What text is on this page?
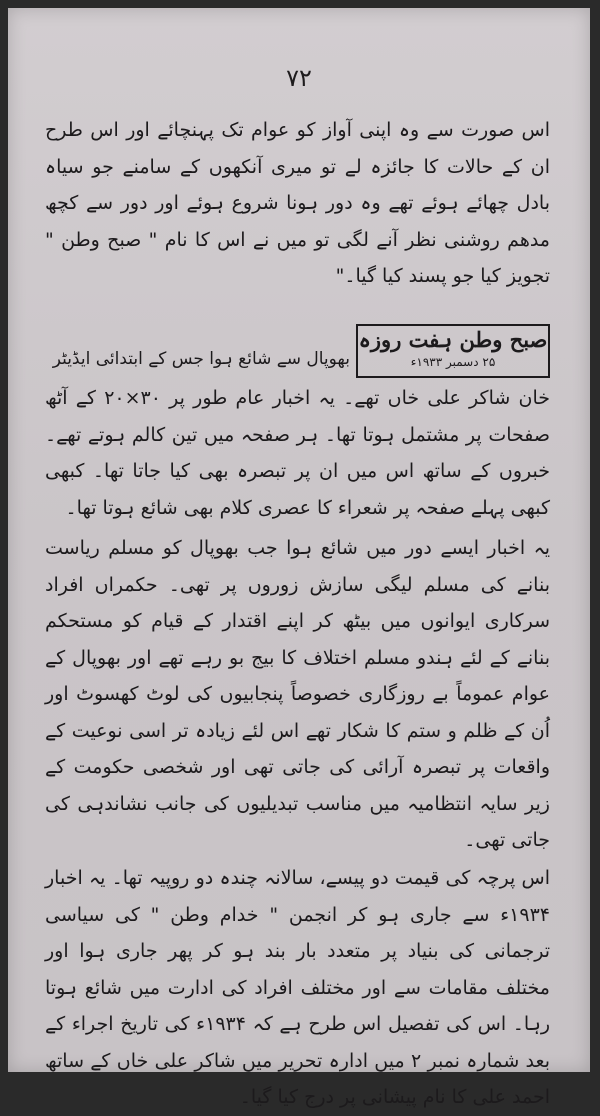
۷۲

اس صورت سے وہ اپنی آواز کو عوام تک پہنچائے اور اس طرح ان کے حالات کا جائزہ لے تو میری آنکھوں کے سامنے جو سیاہ بادل چھائے ہوئے تھے وہ دور ہونا شروع ہوئے اور دور سے کچھ مدھم روشنی نظر آنے لگی تو میں نے اس کا نام " صبح وطن " تجویز کیا جو پسند کیا گیا۔"

صبح وطن ہفت روزہ
۲۵ دسمبر ۱۹۳۳ء
بھوپال سے شائع ہوا جس کے ابتدائی ایڈیٹر

خان شاکر علی خاں تھے۔ یہ اخبار عام طور پر ۳۰×۲۰ کے آٹھ صفحات پر مشتمل ہوتا تھا۔ ہر صفحہ میں تین کالم ہوتے تھے۔ خبروں کے ساتھ اس میں ان پر تبصرہ بھی کیا جاتا تھا۔ کبھی کبھی پہلے صفحہ پر شعراء کا عصری کلام بھی شائع ہوتا تھا۔

یہ اخبار ایسے دور میں شائع ہوا جب بھوپال کو مسلم ریاست بنانے کی مسلم لیگی سازش زوروں پر تھی۔ حکمراں افراد سرکاری ایوانوں میں بیٹھ کر اپنے اقتدار کے قیام کو مستحکم بنانے کے لئے ہندو مسلم اختلاف کا بیج بو رہے تھے اور بھوپال کے عوام عموماً بے روزگاری خصوصاً پنجابیوں کی لوٹ کھسوٹ اور اُن کے ظلم و ستم کا شکار تھے اس لئے زیادہ تر اسی نوعیت کے واقعات پر تبصرہ آرائی کی جاتی تھی اور شخصی حکومت کے زیر سایہ انتظامیہ میں مناسب تبدیلیوں کی جانب نشاندہی کی جاتی تھی۔

اس پرچہ کی قیمت دو پیسے، سالانہ چندہ دو روپیہ تھا۔ یہ اخبار ۱۹۳۴ء سے جاری ہو کر انجمن " خدام وطن " کی سیاسی ترجمانی کی بنیاد پر متعدد بار بند ہو کر پھر جاری ہوا اور مختلف مقامات سے اور مختلف افراد کی ادارت میں شائع ہوتا رہا۔ اس کی تفصیل اس طرح ہے کہ ۱۹۳۴ء کی تاریخ اجراء کے بعد شمارہ نمبر ۲ میں ادارہ تحریر میں شاکر علی خاں کے ساتھ احمد علی کا نام پیشانی پر درج کیا گیا۔
